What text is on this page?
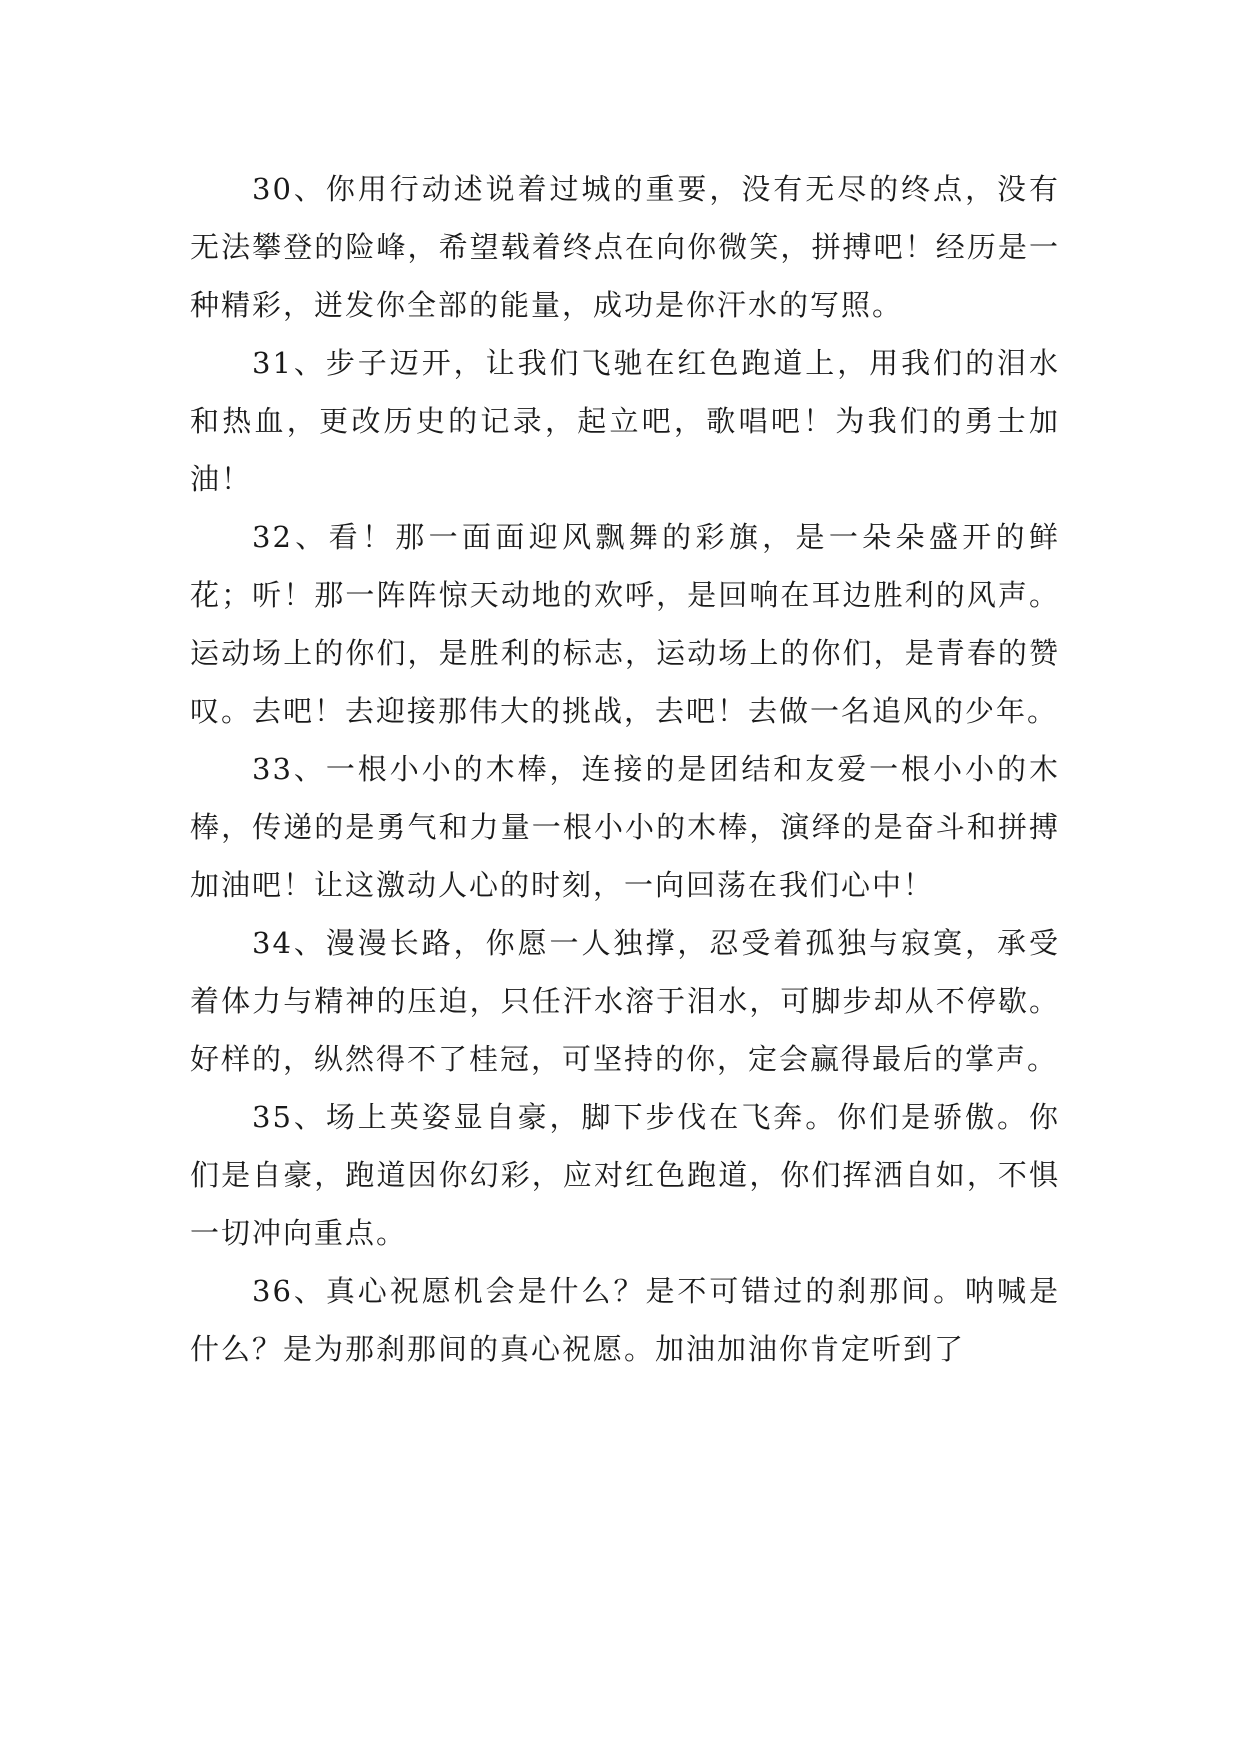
30、你用行动述说着过城的重要，没有无尽的终点，没有无法攀登的险峰，希望载着终点在向你微笑，拼搏吧！经历是一种精彩，迸发你全部的能量，成功是你汗水的写照。

31、步子迈开，让我们飞驰在红色跑道上，用我们的泪水和热血，更改历史的记录，起立吧，歌唱吧！为我们的勇士加油！

32、看！那一面面迎风飘舞的彩旗，是一朵朵盛开的鲜花；听！那一阵阵惊天动地的欢呼，是回响在耳边胜利的风声。运动场上的你们，是胜利的标志，运动场上的你们，是青春的赞叹。去吧！去迎接那伟大的挑战，去吧！去做一名追风的少年。

33、一根小小的木棒，连接的是团结和友爱一根小小的木棒，传递的是勇气和力量一根小小的木棒，演绎的是奋斗和拼搏加油吧！让这激动人心的时刻，一向回荡在我们心中！

34、漫漫长路，你愿一人独撑，忍受着孤独与寂寞，承受着体力与精神的压迫，只任汗水溶于泪水，可脚步却从不停歇。好样的，纵然得不了桂冠，可坚持的你，定会赢得最后的掌声。

35、场上英姿显自豪，脚下步伐在飞奔。你们是骄傲。你们是自豪，跑道因你幻彩，应对红色跑道，你们挥洒自如，不惧一切冲向重点。

36、真心祝愿机会是什么？是不可错过的刹那间。呐喊是什么？是为那刹那间的真心祝愿。加油加油你肯定听到了
